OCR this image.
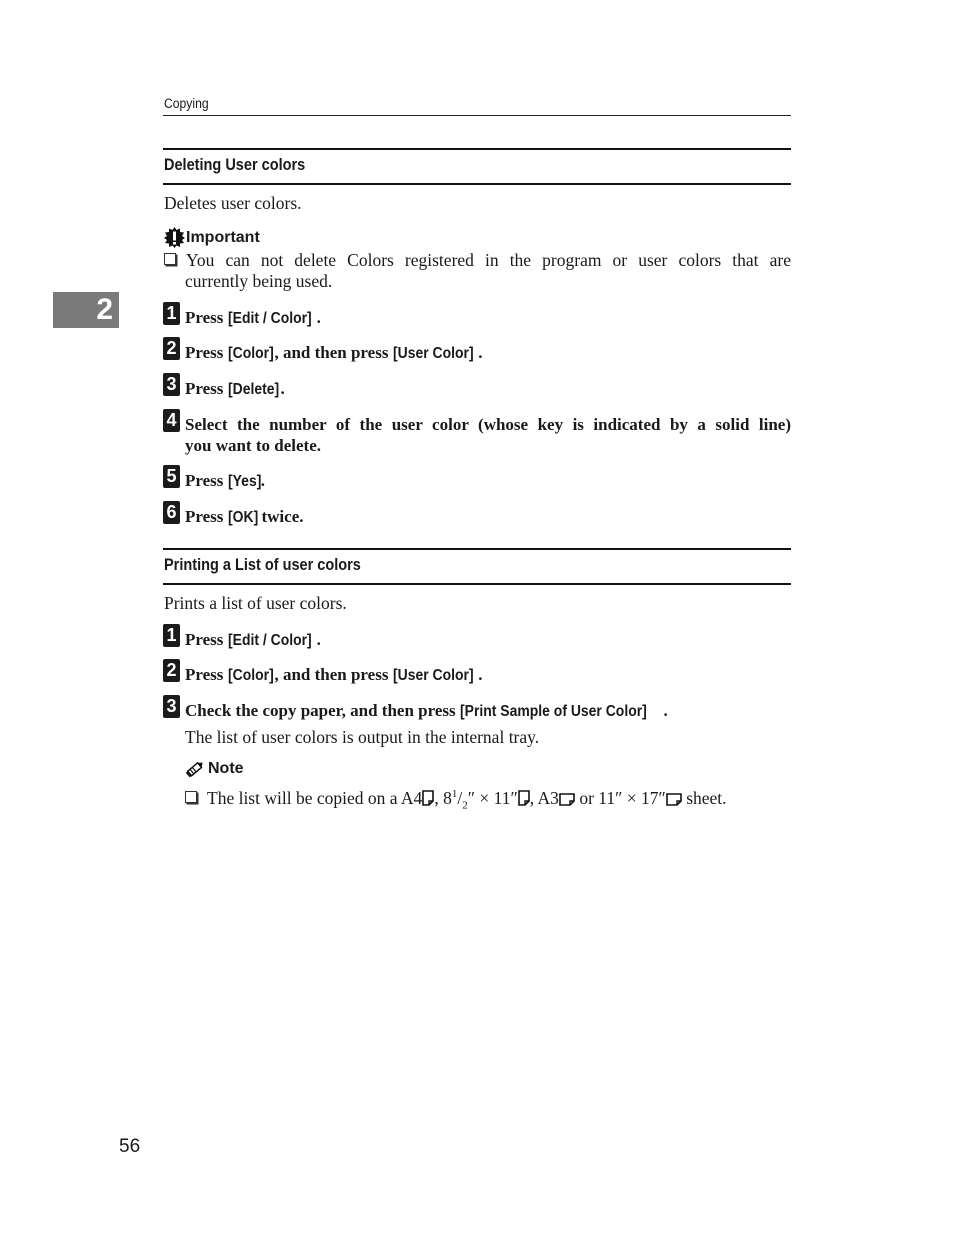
Copying
2
Deleting User colors
Deletes user colors.
Important
You can not delete Colors registered in the program or user colors that are
currently being used.
1 Press [Edit / Color] .
2 Press [Color], and then press [User Color] .
3 Press [Delete].
4 Select the number of the user color (whose key is indicated by a solid line)
you want to delete.
5 Press [Yes].
6 Press [OK] twice.
Printing a List of user colors
Prints a list of user colors.
1 Press [Edit / Color] .
2 Press [Color], and then press [User Color] .
3 Check the copy paper, and then press [Print Sample of User Color] .
The list of user colors is output in the internal tray.
Note
The list will be copied on a A4 , $8^1/_2'' \times 11''$ , A3 or 11″ × 17″ sheet.
56
